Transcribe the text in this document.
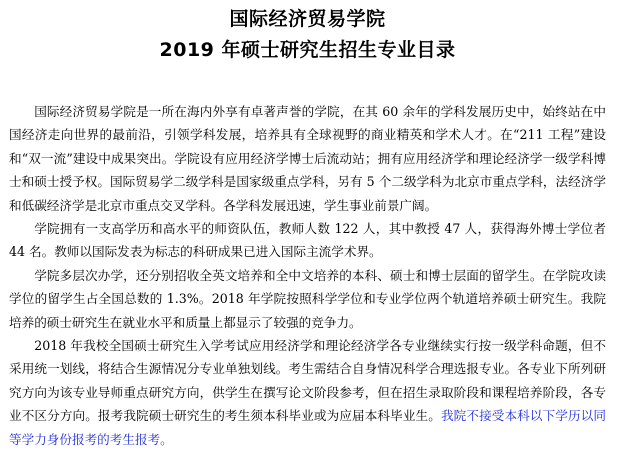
国际经济贸易学院
2019 年硕士研究生招生专业目录

国际经济贸易学院是一所在海内外享有卓著声誉的学院，在其 60 余年的学科发展历史中，始终站在中国经济走向世界的最前沿，引领学科发展，培养具有全球视野的商业精英和学术人才。在“211 工程”建设和“双一流”建设中成果突出。学院设有应用经济学博士后流动站；拥有应用经济学和理论经济学一级学科博士和硕士授予权。国际贸易学二级学科是国家级重点学科，另有 5 个二级学科为北京市重点学科，法经济学和低碳经济学是北京市重点交叉学科。各学科发展迅速，学生事业前景广阔。

学院拥有一支高学历和高水平的师资队伍，教师人数 122 人，其中教授 47 人，获得海外博士学位者 44 名。教师以国际发表为标志的科研成果已进入国际主流学术界。

学院多层次办学，还分别招收全英文培养和全中文培养的本科、硕士和博士层面的留学生。在学院攻读学位的留学生占全国总数的 1.3%。2018 年学院按照科学学位和专业学位两个轨道培养硕士研究生。我院培养的硕士研究生在就业水平和质量上都显示了较强的竞争力。

2018 年我校全国硕士研究生入学考试应用经济学和理论经济学各专业继续实行按一级学科命题，但不采用统一划线，将结合生源情况分专业单独划线。考生需结合自身情况科学合理选报专业。各专业下所列研究方向为该专业导师重点研究方向，供学生在撰写论文阶段参考，但在招生录取阶段和课程培养阶段，各专业不区分方向。报考我院硕士研究生的考生须本科毕业或为应届本科毕业生。我院不接受本科以下学历以同等学力身份报考的考生报考。
